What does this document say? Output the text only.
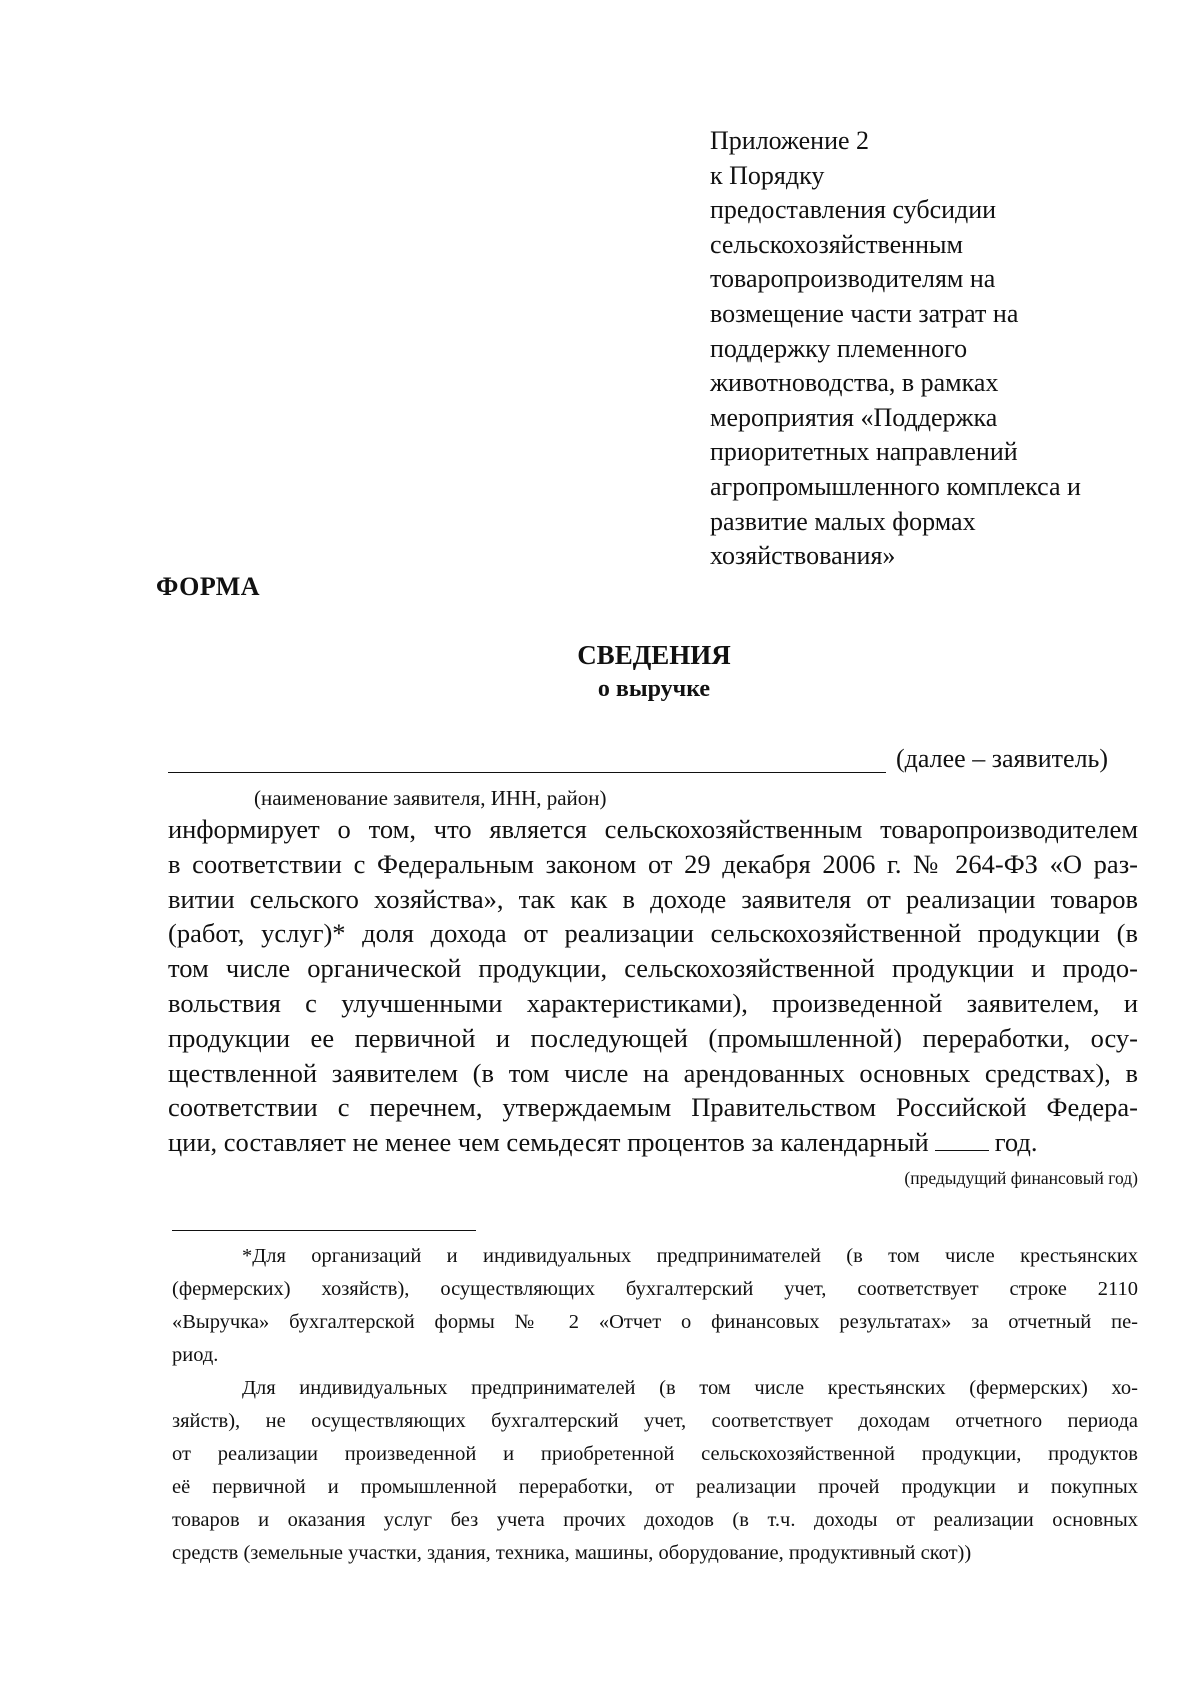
Приложение 2
к Порядку
предоставления субсидии
сельскохозяйственным
товаропроизводителям на
возмещение части затрат на
поддержку племенного
животноводства, в рамках
мероприятия «Поддержка
приоритетных направлений
агропромышленного комплекса и
развитие малых формах
хозяйствования»
ФОРМА
СВЕДЕНИЯ
о выручке
(далее – заявитель)
(наименование заявителя, ИНН, район)
информирует о том, что является сельскохозяйственным товаропроизводителем
в соответствии с Федеральным законом от 29 декабря 2006 г. № 264-ФЗ «О раз-
витии сельского хозяйства», так как в доходе заявителя от реализации товаров
(работ, услуг)* доля дохода от реализации сельскохозяйственной продукции (в
том числе органической продукции, сельскохозяйственной продукции и продо-
вольствия с улучшенными характеристиками), произведенной заявителем, и
продукции ее первичной и последующей (промышленной) переработки, осу-
ществленной заявителем (в том числе на арендованных основных средствах), в
соответствии с перечнем, утверждаемым Правительством Российской Федера-
ции, составляет не менее чем семьдесят процентов за календарный год.
(предыдущий финансовый год)
*Для организаций и индивидуальных предпринимателей (в том числе крестьянских
(фермерских) хозяйств), осуществляющих бухгалтерский учет, соответствует строке 2110
«Выручка» бухгалтерской формы № 2 «Отчет о финансовых результатах» за отчетный пе-
риод.
Для индивидуальных предпринимателей (в том числе крестьянских (фермерских) хо-
зяйств), не осуществляющих бухгалтерский учет, соответствует доходам отчетного периода
от реализации произведенной и приобретенной сельскохозяйственной продукции, продуктов
её первичной и промышленной переработки, от реализации прочей продукции и покупных
товаров и оказания услуг без учета прочих доходов (в т.ч. доходы от реализации основных
средств (земельные участки, здания, техника, машины, оборудование, продуктивный скот))
